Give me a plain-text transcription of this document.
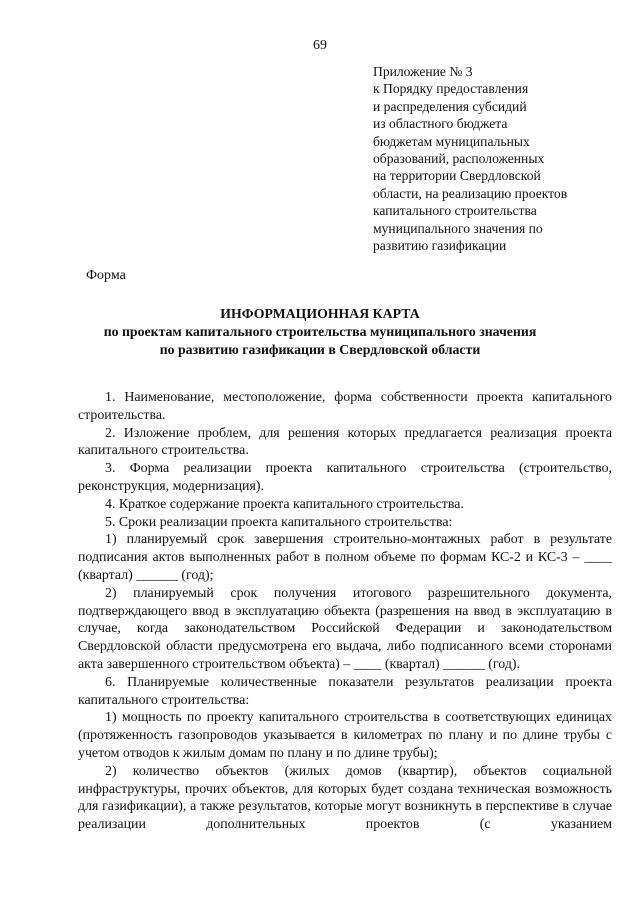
69
Приложение № 3
к Порядку предоставления
и распределения субсидий
из областного бюджета
бюджетам муниципальных
образований, расположенных
на территории Свердловской
области, на реализацию проектов
капитального строительства
муниципального значения по
развитию газификации
Форма
ИНФОРМАЦИОННАЯ КАРТА
по проектам капитального строительства муниципального значения
по развитию газификации в Свердловской области

1. Наименование, местоположение, форма собственности проекта капитального строительства.

2. Изложение проблем, для решения которых предлагается реализация проекта капитального строительства.

3. Форма реализации проекта капитального строительства (строительство, реконструкция, модернизация).

4. Краткое содержание проекта капитального строительства.

5. Сроки реализации проекта капитального строительства:

1) планируемый срок завершения строительно-монтажных работ в результате подписания актов выполненных работ в полном объеме по формам КС-2 и КС-3 – ____ (квартал) ______ (год);

2) планируемый срок получения итогового разрешительного документа, подтверждающего ввод в эксплуатацию объекта (разрешения на ввод в эксплуатацию в случае, когда законодательством Российской Федерации и законодательством Свердловской области предусмотрена его выдача, либо подписанного всеми сторонами акта завершенного строительством объекта) – ____ (квартал) ______ (год).

6. Планируемые количественные показатели результатов реализации проекта капитального строительства:

1) мощность по проекту капитального строительства в соответствующих единицах (протяженность газопроводов указывается в километрах по плану и по длине трубы с учетом отводов к жилым домам по плану и по длине трубы);

2) количество объектов (жилых домов (квартир), объектов социальной инфраструктуры, прочих объектов, для которых будет создана техническая возможность для газификации), а также результатов, которые могут возникнуть в перспективе в случае реализации дополнительных проектов (с указанием
